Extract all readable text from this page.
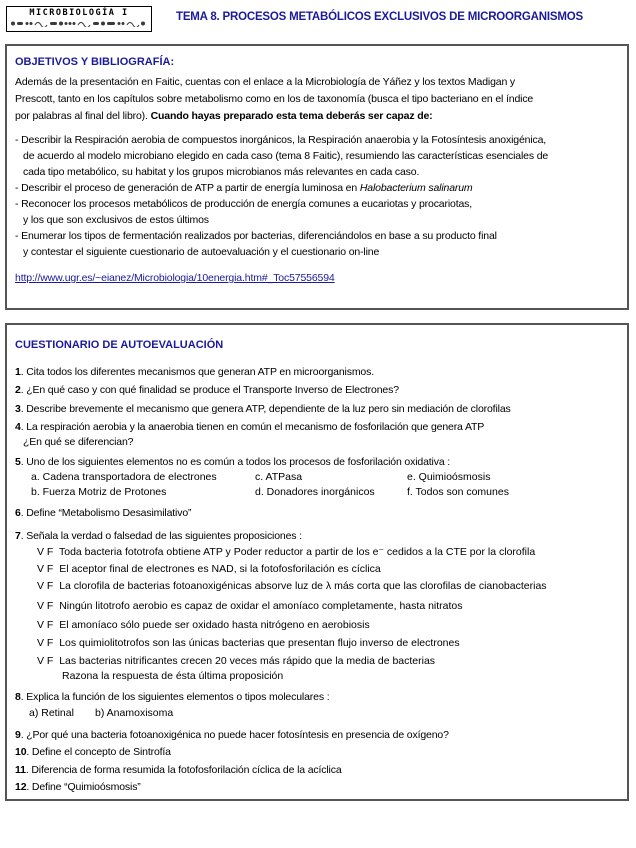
MICROBIOLOGÍA I	TEMA 8. PROCESOS METABÓLICOS EXCLUSIVOS DE MICROORGANISMOS
OBJETIVOS Y BIBLIOGRAFÍA:
Además de la presentación en Faitic, cuentas con el enlace a la Microbiología de Yáñez y los textos Madigan y
Prescott, tanto en los capítulos sobre metabolismo como en los de taxonomía (busca el tipo bacteriano en el índice
por palabras al final del libro). Cuando hayas preparado esta tema deberás ser capaz de:
- Describir la Respiración aerobia de compuestos inorgánicos, la Respiración anaerobia y la Fotosíntesis anoxigénica,
de acuerdo al modelo microbiano elegido en cada caso (tema 8 Faitic), resumiendo las características esenciales de
cada tipo metabólico, su habitat y los grupos microbianos más relevantes en cada caso.
- Describir el proceso de generación de ATP a partir de energía luminosa en Halobacterium salinarum
- Reconocer los procesos metabólicos de producción de energía comunes a eucariotas y procariotas,
y los que son exclusivos de estos últimos
- Enumerar los tipos de fermentación realizados por bacterias, diferenciándolos en base a su producto final
y contestar el siguiente cuestionario de autoevaluación y el cuestionario on-line
http://www.ugr.es/~eianez/Microbiologia/10energia.htm#_Toc57556594
CUESTIONARIO DE AUTOEVALUACIÓN
1. Cita todos los diferentes mecanismos que generan ATP en microorganismos.
2. ¿En qué caso y con qué finalidad se produce el Transporte Inverso de Electrones?
3. Describe brevemente el mecanismo que genera ATP, dependiente de la luz pero sin mediación de clorofilas
4. La respiración aerobia y la anaerobia tienen en común el mecanismo de fosforilación que genera ATP
¿En qué se diferencian?
5. Uno de los siguientes elementos no es común a todos los procesos de fosforilación oxidativa :
a. Cadena transportadora de electrones	c. ATPasa	e. Quimioósmosis
b. Fuerza Motriz de Protones	d. Donadores inorgánicos	f. Todos son comunes
6. Define “Metabolismo Desasimilativo”
7. Señala la verdad o falsedad de las siguientes proposiciones :
V F Toda bacteria fototrofa obtiene ATP y Poder reductor a partir de los e⁻ cedidos a la CTE por la clorofila
V F El aceptor final de electrones es NAD, si la fotofosforilación es cíclica
V F La clorofila de bacterias fotoanoxigénicas absorve luz de λ más corta que las clorofilas de cianobacterias
V F Ningún litotrofo aerobio es capaz de oxidar el amoníaco completamente, hasta nitratos
V F El amoníaco sólo puede ser oxidado hasta nitrógeno en aerobiosis
V F Los quimiolitotrofos son las únicas bacterias que presentan flujo inverso de electrones
V F Las bacterias nitrificantes crecen 20 veces más rápido que la media de bacterias
Razona la respuesta de ésta última proposición
8. Explica la función de los siguientes elementos o tipos moleculares :
a) Retinal b) Anamoxisoma
9. ¿Por qué una bacteria fotoanoxigénica no puede hacer fotosíntesis en presencia de oxígeno?
10. Define el concepto de Sintrofía
11. Diferencia de forma resumida la fotofosforilación cíclica de la acíclica
12. Define “Quimioósmosis”
